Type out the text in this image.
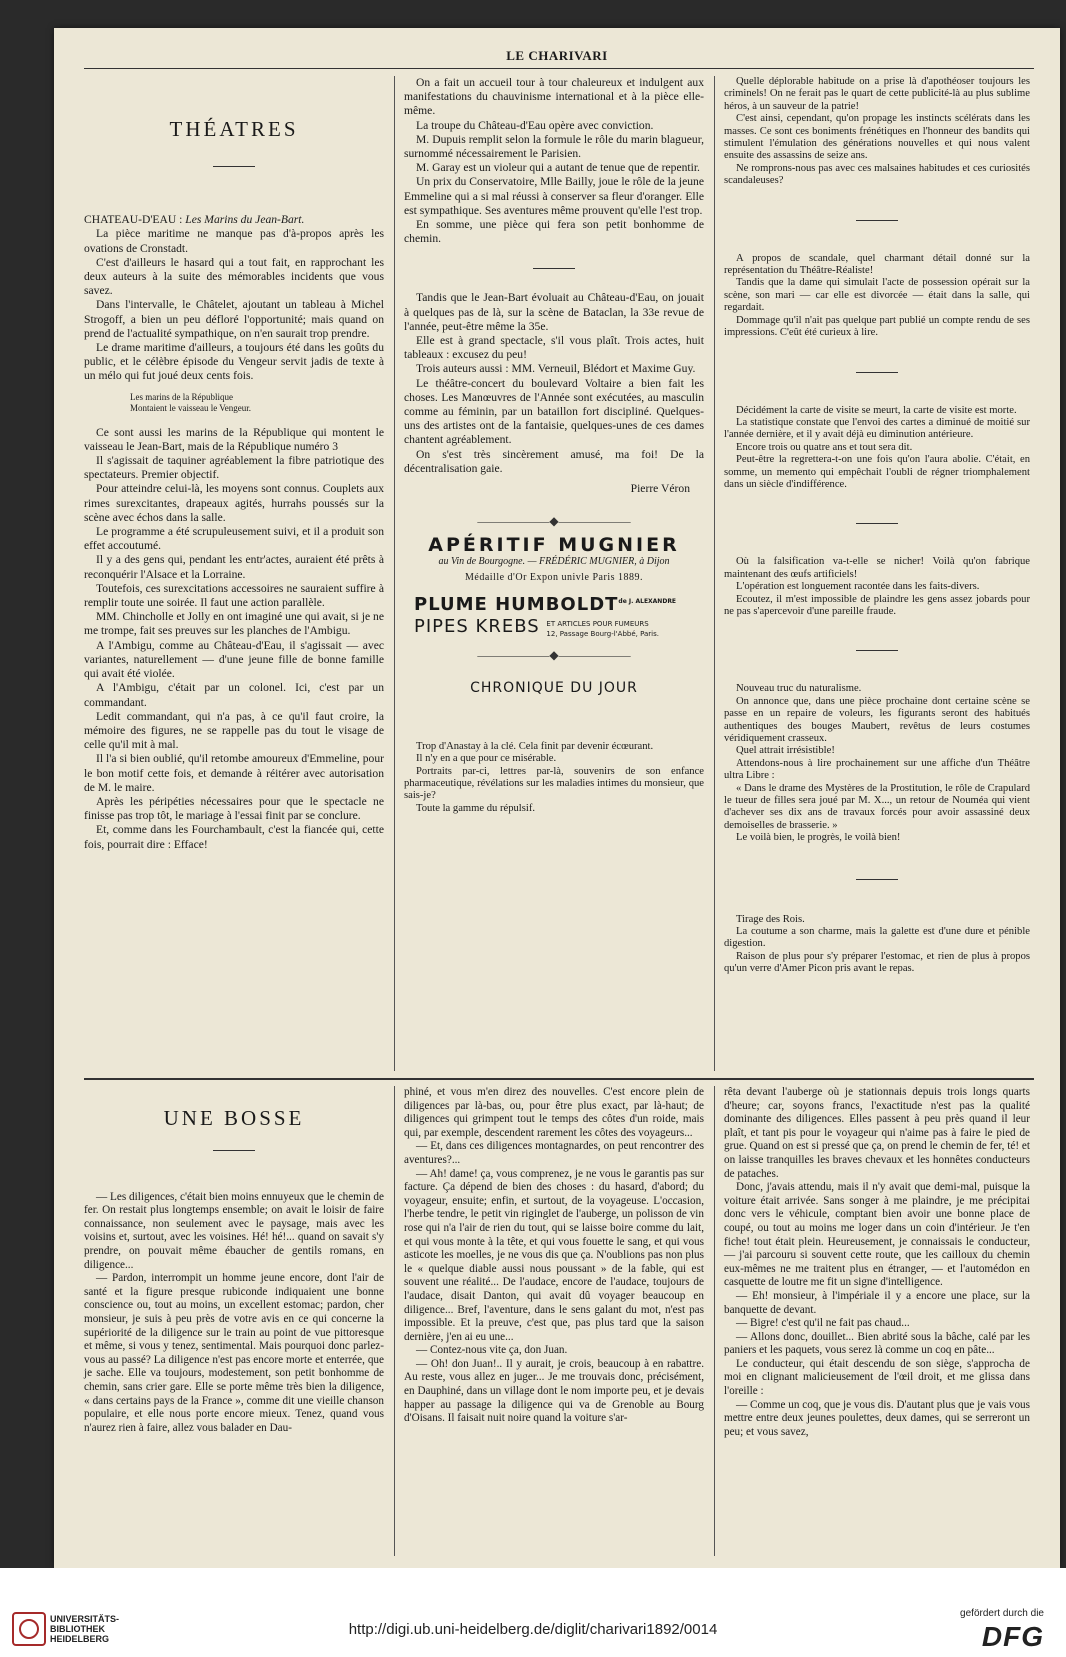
LE CHARIVARI
THÉATRES

CHATEAU-D'EAU : Les Marins du Jean-Bart.

La pièce maritime ne manque pas d'à-propos après les ovations de Cronstadt.

C'est d'ailleurs le hasard qui a tout fait, en rapprochant les deux auteurs à la suite des mémorables incidents que vous savez.

Dans l'intervalle, le Châtelet, ajoutant un tableau à Michel Strogoff, a bien un peu défloré l'opportunité; mais quand on prend de l'actualité sympathique, on n'en saurait trop prendre.

Le drame maritime d'ailleurs, a toujours été dans les goûts du public, et le célèbre épisode du Vengeur servit jadis de texte à un mélo qui fut joué deux cents fois.

Les marins de la République
Montaient le vaisseau le Vengeur.

Ce sont aussi les marins de la République qui montent le vaisseau le Jean-Bart, mais de la République numéro 3

Il s'agissait de taquiner agréablement la fibre patriotique des spectateurs. Premier objectif.

Pour atteindre celui-là, les moyens sont connus. Couplets aux rimes surexcitantes, drapeaux agités, hurrahs poussés sur la scène avec échos dans la salle.

Le programme a été scrupuleusement suivi, et il a produit son effet accoutumé.

Il y a des gens qui, pendant les entr'actes, auraient été prêts à reconquérir l'Alsace et la Lorraine.

Toutefois, ces surexcitations accessoires ne sauraient suffire à remplir toute une soirée. Il faut une action parallèle.

MM. Chincholle et Jolly en ont imaginé une qui avait, si je ne me trompe, fait ses preuves sur les planches de l'Ambigu.

A l'Ambigu, comme au Château-d'Eau, il s'agissait — avec variantes, naturellement — d'une jeune fille de bonne famille qui avait été violée.

A l'Ambigu, c'était par un colonel. Ici, c'est par un commandant.

Ledit commandant, qui n'a pas, à ce qu'il faut croire, la mémoire des figures, ne se rappelle pas du tout le visage de celle qu'il mit à mal.

Il l'a si bien oublié, qu'il retombe amoureux d'Emmeline, pour le bon motif cette fois, et demande à réitérer avec autorisation de M. le maire.

Après les péripéties nécessaires pour que le spectacle ne finisse pas trop tôt, le mariage à l'essai finit par se conclure.

Et, comme dans les Fourchambault, c'est la fiancée qui, cette fois, pourrait dire : Efface!

On a fait un accueil tour à tour chaleureux et indulgent aux manifestations du chauvinisme international et à la pièce elle-même.

La troupe du Château-d'Eau opère avec conviction.

M. Dupuis remplit selon la formule le rôle du marin blagueur, surnommé nécessairement le Parisien.

M. Garay est un violeur qui a autant de tenue que de repentir.

Un prix du Conservatoire, Mlle Bailly, joue le rôle de la jeune Emmeline qui a si mal réussi à conserver sa fleur d'oranger. Elle est sympathique. Ses aventures même prouvent qu'elle l'est trop.

En somme, une pièce qui fera son petit bonhomme de chemin.

Tandis que le Jean-Bart évoluait au Château-d'Eau, on jouait à quelques pas de là, sur la scène de Bataclan, la 33e revue de l'année, peut-être même la 35e.

Elle est à grand spectacle, s'il vous plaît. Trois actes, huit tableaux : excusez du peu!

Trois auteurs aussi : MM. Verneuil, Blédort et Maxime Guy.

Le théâtre-concert du boulevard Voltaire a bien fait les choses. Les Manœuvres de l'Année sont exécutées, au masculin comme au féminin, par un bataillon fort discipliné. Quelques-uns des artistes ont de la fantaisie, quelques-unes de ces dames chantent agréablement.

On s'est très sincèrement amusé, ma foi! De la décentralisation gaie.

Pierre Véron
——————◆——————
APÉRITIF MUGNIER
au Vin de Bourgogne. — FRÉDÉRIC MUGNIER, à Dijon
Médaille d'Or Expon univle Paris 1889.
PLUME $HUMBOLDT^{de J. ALEXANDRE}$
PIPES KREBS ET ARTICLES POUR FUMEURS
12, Passage Bourg-l'Abbé, Paris.
——————◆——————
CHRONIQUE DU JOUR

Trop d'Anastay à la clé. Cela finit par devenir écœurant.

Il n'y en a que pour ce misérable.

Portraits par-ci, lettres par-là, souvenirs de son enfance pharmaceutique, révélations sur les maladies intimes du monsieur, que sais-je?

Toute la gamme du répulsif.

Quelle déplorable habitude on a prise là d'apothéoser toujours les criminels! On ne ferait pas le quart de cette publicité-là au plus sublime héros, à un sauveur de la patrie!

C'est ainsi, cependant, qu'on propage les instincts scélérats dans les masses. Ce sont ces boniments frénétiques en l'honneur des bandits qui stimulent l'émulation des générations nouvelles et qui nous valent ensuite des assassins de seize ans.

Ne romprons-nous pas avec ces malsaines habitudes et ces curiosités scandaleuses?

A propos de scandale, quel charmant détail donné sur la représentation du Théâtre-Réaliste!

Tandis que la dame qui simulait l'acte de possession opérait sur la scène, son mari — car elle est divorcée — était dans la salle, qui regardait.

Dommage qu'il n'ait pas quelque part publié un compte rendu de ses impressions. C'eût été curieux à lire.

Décidément la carte de visite se meurt, la carte de visite est morte.

La statistique constate que l'envoi des cartes a diminué de moitié sur l'année dernière, et il y avait déjà eu diminution antérieure.

Encore trois ou quatre ans et tout sera dit.

Peut-être la regrettera-t-on une fois qu'on l'aura abolie. C'était, en somme, un memento qui empêchait l'oubli de régner triomphalement dans un siècle d'indifférence.

Où la falsification va-t-elle se nicher! Voilà qu'on fabrique maintenant des œufs artificiels!

L'opération est longuement racontée dans les faits-divers.

Ecoutez, il m'est impossible de plaindre les gens assez jobards pour ne pas s'apercevoir d'une pareille fraude.

Nouveau truc du naturalisme.

On annonce que, dans une pièce prochaine dont certaine scène se passe en un repaire de voleurs, les figurants seront des habitués authentiques des bouges Maubert, revêtus de leurs costumes véridiquement crasseux.

Quel attrait irrésistible!

Attendons-nous à lire prochainement sur une affiche d'un Théâtre ultra Libre :

« Dans le drame des Mystères de la Prostitution, le rôle de Crapulard le tueur de filles sera joué par M. X..., un retour de Nouméa qui vient d'achever ses dix ans de travaux forcés pour avoir assassiné deux demoiselles de brasserie. »

Le voilà bien, le progrès, le voilà bien!

Tirage des Rois.

La coutume a son charme, mais la galette est d'une dure et pénible digestion.

Raison de plus pour s'y préparer l'estomac, et rien de plus à propos qu'un verre d'Amer Picon pris avant le repas.

UNE BOSSE

— Les diligences, c'était bien moins ennuyeux que le chemin de fer. On restait plus longtemps ensemble; on avait le loisir de faire connaissance, non seulement avec le paysage, mais avec les voisins et, surtout, avec les voisines. Hé! hé!... quand on savait s'y prendre, on pouvait même ébaucher de gentils romans, en diligence...

— Pardon, interrompit un homme jeune encore, dont l'air de santé et la figure presque rubiconde indiquaient une bonne conscience ou, tout au moins, un excellent estomac; pardon, cher monsieur, je suis à peu près de votre avis en ce qui concerne la supériorité de la diligence sur le train au point de vue pittoresque et même, si vous y tenez, sentimental. Mais pourquoi donc parlez-vous au passé? La diligence n'est pas encore morte et enterrée, que je sache. Elle va toujours, modestement, son petit bonhomme de chemin, sans crier gare. Elle se porte même très bien la diligence, « dans certains pays de la France », comme dit une vieille chanson populaire, et elle nous porte encore mieux. Tenez, quand vous n'aurez rien à faire, allez vous balader en Dau-

phiné, et vous m'en direz des nouvelles. C'est encore plein de diligences par là-bas, ou, pour être plus exact, par là-haut; de diligences qui grimpent tout le temps des côtes d'un roide, mais qui, par exemple, descendent rarement les côtes des voyageurs...

— Et, dans ces diligences montagnardes, on peut rencontrer des aventures?...

— Ah! dame! ça, vous comprenez, je ne vous le garantis pas sur facture. Ça dépend de bien des choses : du hasard, d'abord; du voyageur, ensuite; enfin, et surtout, de la voyageuse. L'occasion, l'herbe tendre, le petit vin riginglet de l'auberge, un polisson de vin rose qui n'a l'air de rien du tout, qui se laisse boire comme du lait, et qui vous monte à la tête, et qui vous fouette le sang, et qui vous asticote les moelles, je ne vous dis que ça. N'oublions pas non plus le « quelque diable aussi nous poussant » de la fable, qui est souvent une réalité... De l'audace, encore de l'audace, toujours de l'audace, disait Danton, qui avait dû voyager beaucoup en diligence... Bref, l'aventure, dans le sens galant du mot, n'est pas impossible. Et la preuve, c'est que, pas plus tard que la saison dernière, j'en ai eu une...

— Contez-nous vite ça, don Juan.

— Oh! don Juan!.. Il y aurait, je crois, beaucoup à en rabattre. Au reste, vous allez en juger... Je me trouvais donc, précisément, en Dauphiné, dans un village dont le nom importe peu, et je devais happer au passage la diligence qui va de Grenoble au Bourg d'Oisans. Il faisait nuit noire quand la voiture s'ar-

rêta devant l'auberge où je stationnais depuis trois longs quarts d'heure; car, soyons francs, l'exactitude n'est pas la qualité dominante des diligences. Elles passent à peu près quand il leur plaît, et tant pis pour le voyageur qui n'aime pas à faire le pied de grue. Quand on est si pressé que ça, on prend le chemin de fer, té! et on laisse tranquilles les braves chevaux et les honnêtes conducteurs de pataches.

Donc, j'avais attendu, mais il n'y avait que demi-mal, puisque la voiture était arrivée. Sans songer à me plaindre, je me précipitai donc vers le véhicule, comptant bien avoir une bonne place de coupé, ou tout au moins me loger dans un coin d'intérieur. Je t'en fiche! tout était plein. Heureusement, je connaissais le conducteur, — j'ai parcouru si souvent cette route, que les cailloux du chemin eux-mêmes ne me traitent plus en étranger, — et l'automédon en casquette de loutre me fit un signe d'intelligence.

— Eh! monsieur, à l'impériale il y a encore une place, sur la banquette de devant.

— Bigre! c'est qu'il ne fait pas chaud...

— Allons donc, douillet... Bien abrité sous la bâche, calé par les paniers et les paquets, vous serez là comme un coq en pâte...

Le conducteur, qui était descendu de son siège, s'approcha de moi en clignant malicieusement de l'œil droit, et me glissa dans l'oreille :

— Comme un coq, que je vous dis. D'autant plus que je vais vous mettre entre deux jeunes poulettes, deux dames, qui se serreront un peu; et vous savez,

UNIVERSITÄTS-
BIBLIOTHEK
HEIDELBERG
http://digi.ub.uni-heidelberg.de/diglit/charivari1892/0014
gefördert durch die
DFG
